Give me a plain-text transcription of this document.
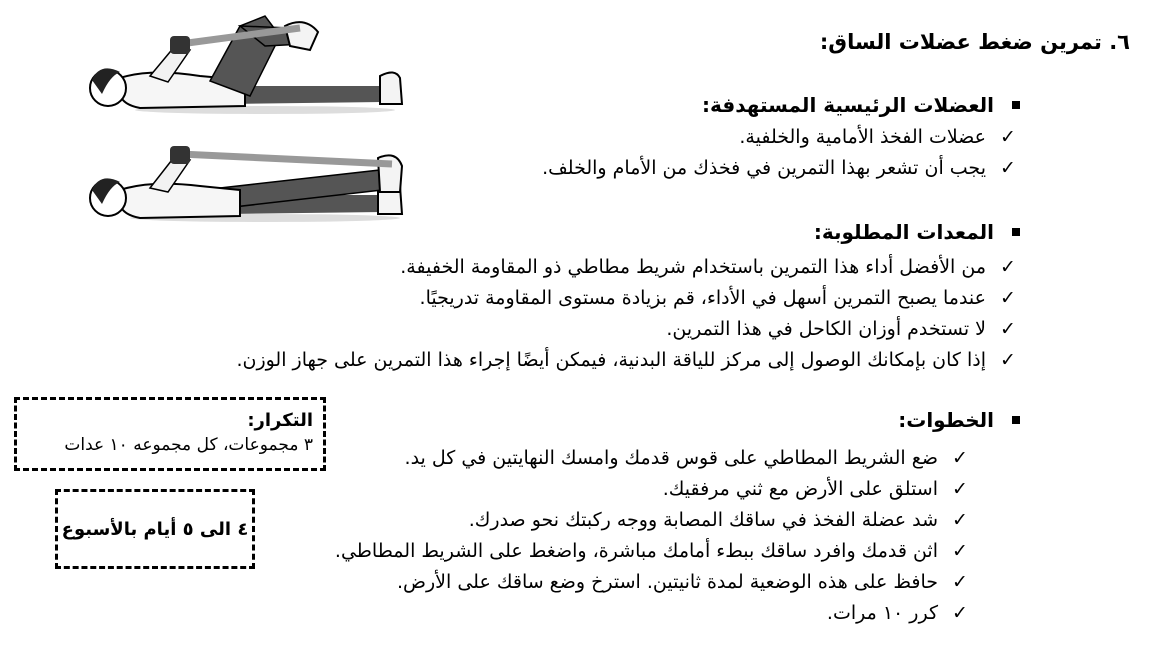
٦. تمرين ضغط عضلات الساق:
العضلات الرئيسية المستهدفة:
✓
عضلات الفخذ الأمامية والخلفية.
✓
يجب أن تشعر بهذا التمرين في فخذك من الأمام والخلف.
المعدات المطلوبة:
✓
من الأفضل أداء هذا التمرين باستخدام شريط مطاطي ذو المقاومة الخفيفة.
✓
عندما يصبح التمرين أسهل في الأداء، قم بزيادة مستوى المقاومة تدريجيًا.
✓
لا تستخدم أوزان الكاحل في هذا التمرين.
✓
إذا كان بإمكانك الوصول إلى مركز للياقة البدنية، فيمكن أيضًا إجراء هذا التمرين على جهاز الوزن.
الخطوات:
✓
ضع الشريط المطاطي على قوس قدمك وامسك النهايتين في كل يد.
✓
استلق على الأرض مع ثني مرفقيك.
✓
شد عضلة الفخذ في ساقك المصابة ووجه ركبتك نحو صدرك.
✓
اثن قدمك وافرد ساقك ببطء أمامك مباشرة، واضغط على الشريط المطاطي.
✓
حافظ على هذه الوضعية لمدة ثانيتين. استرخ وضع ساقك على الأرض.
✓
كرر ١٠ مرات.
التكرار:
٣ مجموعات، كل مجموعه ١٠ عدات
٤ الى ٥ أيام بالأسبوع
